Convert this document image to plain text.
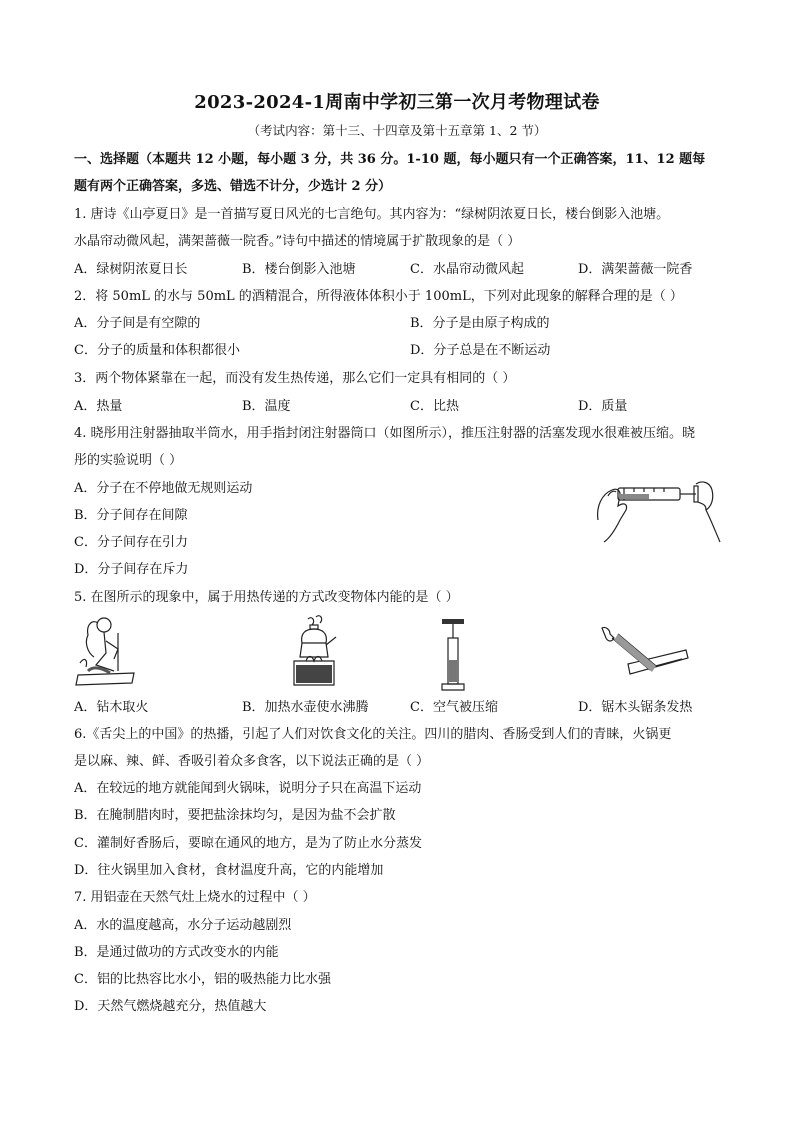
2023-2024-1周南中学初三第一次月考物理试卷
（考试内容：第十三、十四章及第十五章第 1、2 节）
一、选择题（本题共 12 小题，每小题 3 分，共 36 分。1-10 题，每小题只有一个正确答案，11、12 题每
题有两个正确答案，多选、错选不计分，少选计 2 分）
1. 唐诗《山亭夏日》是一首描写夏日风光的七言绝句。其内容为：“绿树阴浓夏日长，楼台倒影入池塘。
水晶帘动微风起，满架蔷薇一院香。”诗句中描述的情境属于扩散现象的是（ ）
A．绿树阴浓夏日长	B．楼台倒影入池塘	C．水晶帘动微风起	D．满架蔷薇一院香
2．将 50mL 的水与 50mL 的酒精混合，所得液体体积小于 100mL，下列对此现象的解释合理的是（ ）
A．分子间是有空隙的	B．分子是由原子构成的
C．分子的质量和体积都很小	D．分子总是在不断运动
3．两个物体紧靠在一起，而没有发生热传递，那么它们一定具有相同的（ ）
A．热量	B．温度	C．比热	D．质量
4. 晓彤用注射器抽取半筒水，用手指封闭注射器筒口（如图所示），推压注射器的活塞发现水很难被压缩。晓
彤的实验说明（ ）
A．分子在不停地做无规则运动
B．分子间存在间隙
C．分子间存在引力
D．分子间存在斥力
5. 在图所示的现象中，属于用热传递的方式改变物体内能的是（ ）
A．钻木取火	B．加热水壶使水沸腾	C．空气被压缩	D．锯木头锯条发热
6.《舌尖上的中国》的热播，引起了人们对饮食文化的关注。四川的腊肉、香肠受到人们的青睐，火锅更
是以麻、辣、鲜、香吸引着众多食客，以下说法正确的是（ ）
A．在较远的地方就能闻到火锅味，说明分子只在高温下运动
B．在腌制腊肉时，要把盐涂抹均匀，是因为盐不会扩散
C．灌制好香肠后，要晾在通风的地方，是为了防止水分蒸发
D．往火锅里加入食材，食材温度升高，它的内能增加
7. 用铝壶在天然气灶上烧水的过程中（ ）
A．水的温度越高，水分子运动越剧烈
B．是通过做功的方式改变水的内能
C．铝的比热容比水小，铝的吸热能力比水强
D．天然气燃烧越充分，热值越大
